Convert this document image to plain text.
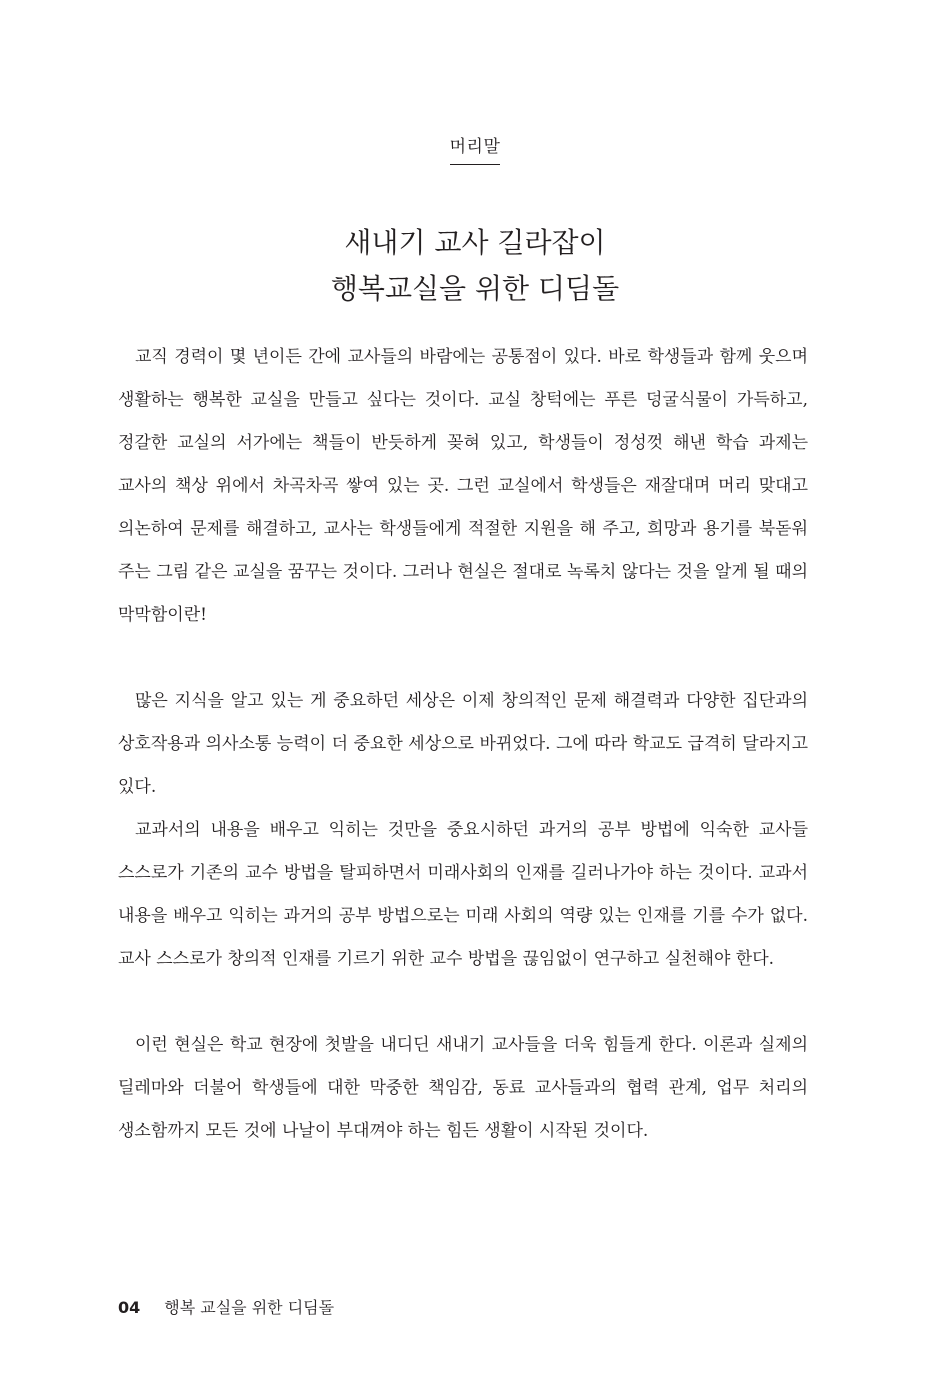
머리말
새내기 교사 길라잡이
행복교실을 위한 디딤돌

교직 경력이 몇 년이든 간에 교사들의 바람에는 공통점이 있다. 바로 학생들과 함께 웃으며 생활하는 행복한 교실을 만들고 싶다는 것이다. 교실 창턱에는 푸른 덩굴식물이 가득하고, 정갈한 교실의 서가에는 책들이 반듯하게 꽂혀 있고, 학생들이 정성껏 해낸 학습 과제는 교사의 책상 위에서 차곡차곡 쌓여 있는 곳. 그런 교실에서 학생들은 재잘대며 머리 맞대고 의논하여 문제를 해결하고, 교사는 학생들에게 적절한 지원을 해 주고, 희망과 용기를 북돋워 주는 그림 같은 교실을 꿈꾸는 것이다. 그러나 현실은 절대로 녹록치 않다는 것을 알게 될 때의 막막함이란!

많은 지식을 알고 있는 게 중요하던 세상은 이제 창의적인 문제 해결력과 다양한 집단과의 상호작용과 의사소통 능력이 더 중요한 세상으로 바뀌었다. 그에 따라 학교도 급격히 달라지고 있다.

교과서의 내용을 배우고 익히는 것만을 중요시하던 과거의 공부 방법에 익숙한 교사들 스스로가 기존의 교수 방법을 탈피하면서 미래사회의 인재를 길러나가야 하는 것이다. 교과서 내용을 배우고 익히는 과거의 공부 방법으로는 미래 사회의 역량 있는 인재를 기를 수가 없다. 교사 스스로가 창의적 인재를 기르기 위한 교수 방법을 끊임없이 연구하고 실천해야 한다.

이런 현실은 학교 현장에 첫발을 내디딘 새내기 교사들을 더욱 힘들게 한다. 이론과 실제의 딜레마와 더불어 학생들에 대한 막중한 책임감, 동료 교사들과의 협력 관계, 업무 처리의 생소함까지 모든 것에 나날이 부대껴야 하는 힘든 생활이 시작된 것이다.

04 행복 교실을 위한 디딤돌
